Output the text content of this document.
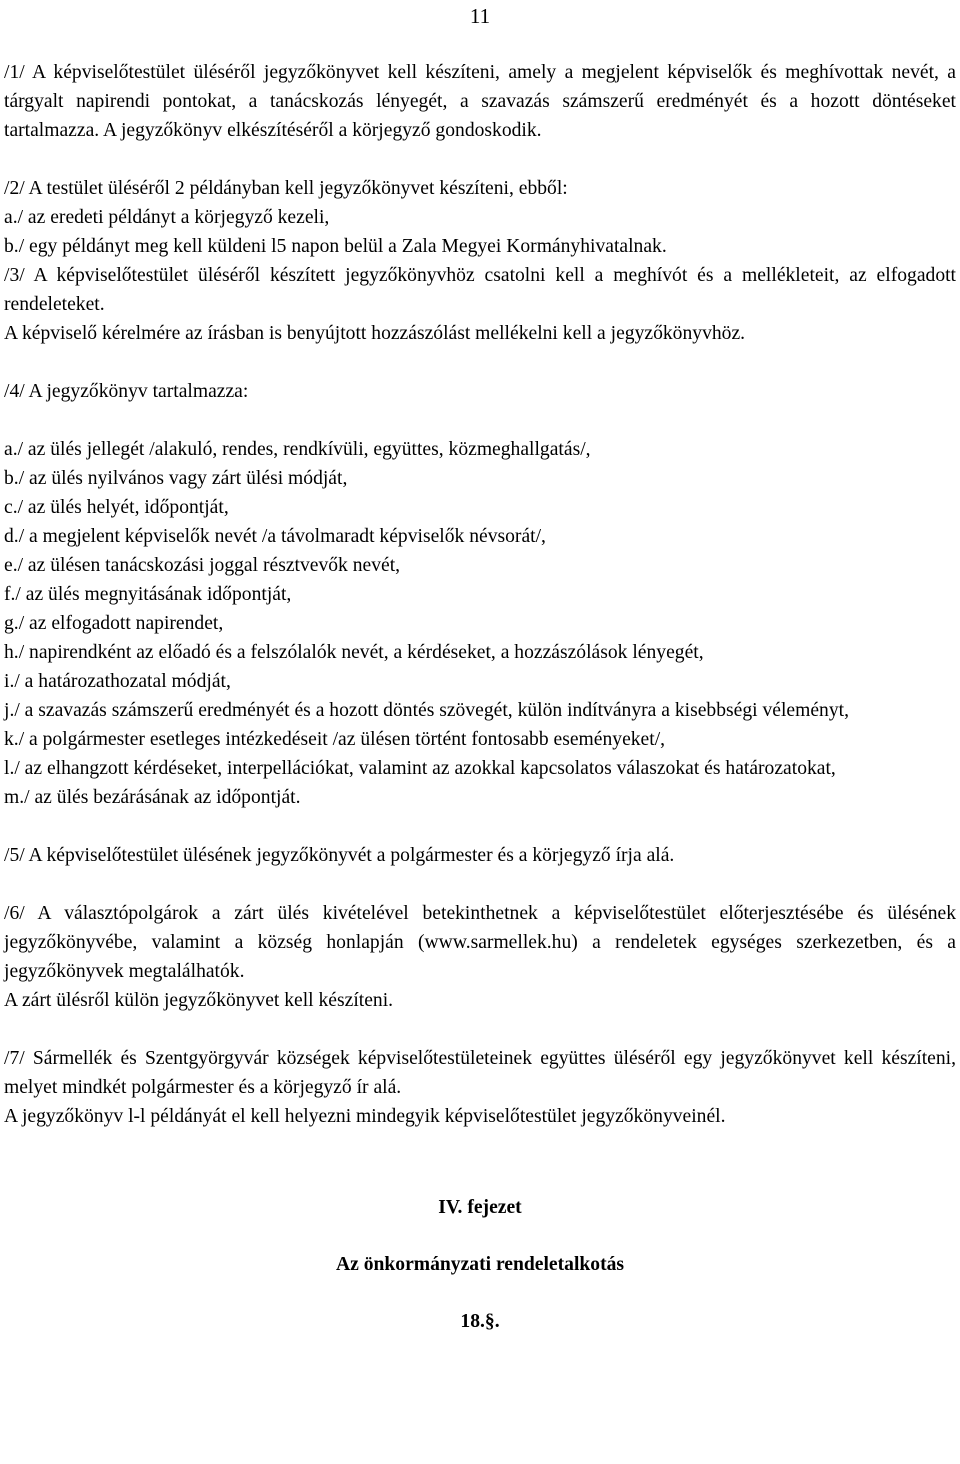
11

/1/ A képviselőtestület üléséről jegyzőkönyvet kell készíteni, amely a megjelent képviselők és meghívottak nevét, a tárgyalt napirendi pontokat, a tanácskozás lényegét, a szavazás számszerű eredményét és a hozott döntéseket tartalmazza. A jegyzőkönyv elkészítéséről a körjegyző gondoskodik.

/2/ A testület üléséről 2 példányban kell jegyzőkönyvet készíteni, ebből:

a./ az eredeti példányt a körjegyző kezeli,

b./ egy példányt meg kell küldeni l5 napon belül a Zala Megyei Kormányhivatalnak.

/3/ A képviselőtestület üléséről készített jegyzőkönyvhöz csatolni kell a meghívót és a mellékleteit, az elfogadott rendeleteket.

A képviselő kérelmére az írásban is benyújtott hozzászólást mellékelni kell a jegyzőkönyvhöz.

/4/ A jegyzőkönyv tartalmazza:

a./ az ülés jellegét /alakuló, rendes, rendkívüli, együttes, közmeghallgatás/,

b./ az ülés nyilvános vagy zárt ülési módját,

c./ az ülés helyét, időpontját,

d./ a megjelent képviselők nevét /a távolmaradt képviselők névsorát/,

e./ az ülésen tanácskozási joggal résztvevők nevét,

f./ az ülés megnyitásának időpontját,

g./ az elfogadott napirendet,

h./ napirendként az előadó és a felszólalók nevét, a kérdéseket, a hozzászólások lényegét,

i./ a határozathozatal módját,

j./ a szavazás számszerű eredményét és a hozott döntés szövegét, külön indítványra a kisebbségi véleményt,

k./ a polgármester esetleges intézkedéseit /az ülésen történt fontosabb eseményeket/,

l./ az elhangzott kérdéseket, interpellációkat, valamint az azokkal kapcsolatos válaszokat és határozatokat,

m./ az ülés bezárásának az időpontját.

/5/ A képviselőtestület ülésének jegyzőkönyvét a polgármester és a körjegyző írja alá.

/6/ A választópolgárok a zárt ülés kivételével betekinthetnek a képviselőtestület előterjesztésébe és ülésének jegyzőkönyvébe, valamint a község honlapján (www.sarmellek.hu) a rendeletek egységes szerkezetben, és a jegyzőkönyvek megtalálhatók.

A zárt ülésről külön jegyzőkönyvet kell készíteni.

/7/ Sármellék és Szentgyörgyvár községek képviselőtestületeinek együttes üléséről egy jegyzőkönyvet kell készíteni, melyet mindkét polgármester és a körjegyző ír alá.

A jegyzőkönyv l-l példányát el kell helyezni mindegyik képviselőtestület jegyzőkönyveinél.

IV. fejezet

Az önkormányzati rendeletalkotás

18.§.
